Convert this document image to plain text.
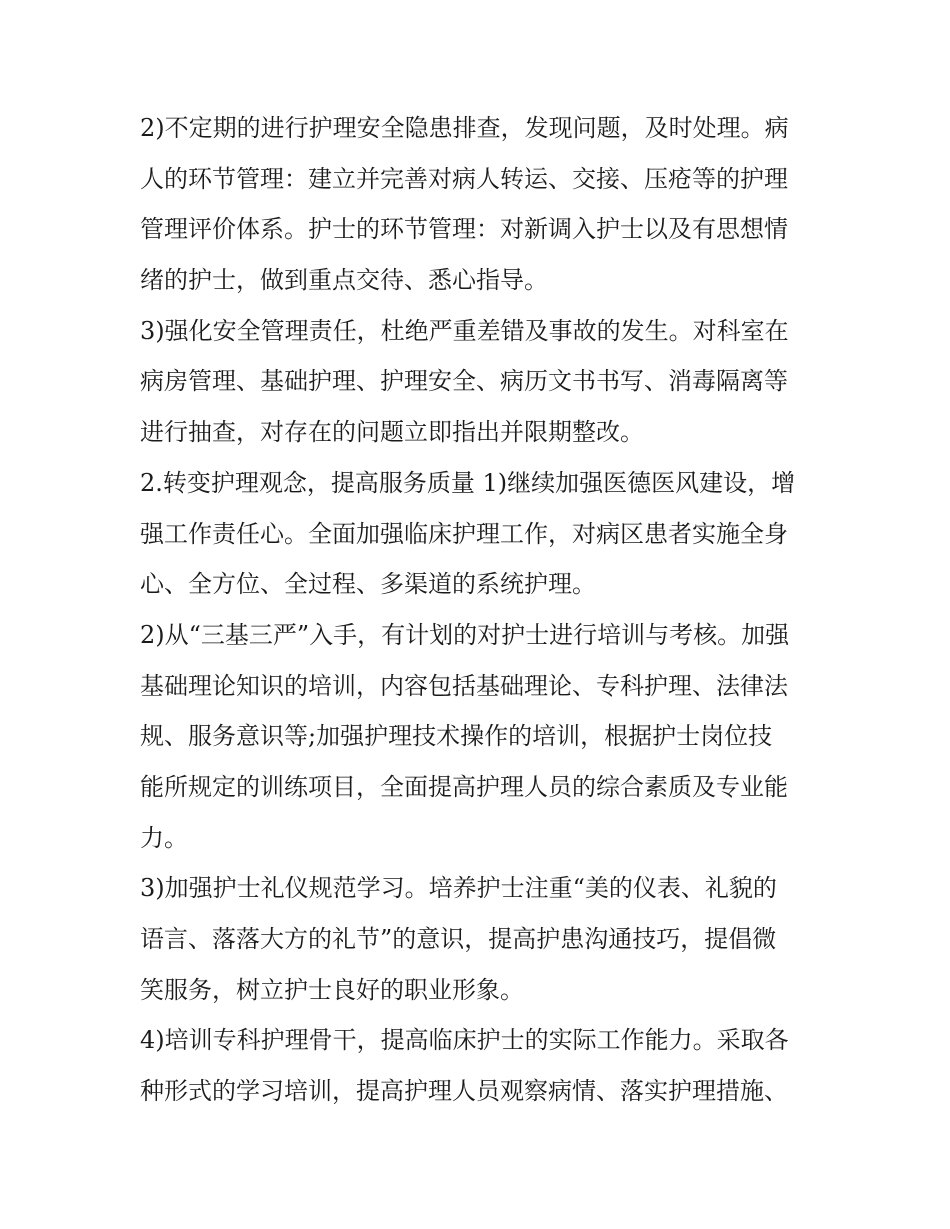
2)不定期的进行护理安全隐患排查，发现问题，及时处理。病
人的环节管理：建立并完善对病人转运、交接、压疮等的护理
管理评价体系。护士的环节管理：对新调入护士以及有思想情
绪的护士，做到重点交待、悉心指导。
3)强化安全管理责任，杜绝严重差错及事故的发生。对科室在
病房管理、基础护理、护理安全、病历文书书写、消毒隔离等
进行抽查，对存在的问题立即指出并限期整改。
2.转变护理观念，提高服务质量 1)继续加强医德医风建设，增
强工作责任心。全面加强临床护理工作，对病区患者实施全身
心、全方位、全过程、多渠道的系统护理。
2)从“三基三严”入手，有计划的对护士进行培训与考核。加强
基础理论知识的培训，内容包括基础理论、专科护理、法律法
规、服务意识等;加强护理技术操作的培训，根据护士岗位技
能所规定的训练项目，全面提高护理人员的综合素质及专业能
力。
3)加强护士礼仪规范学习。培养护士注重“美的仪表、礼貌的
语言、落落大方的礼节”的意识，提高护患沟通技巧，提倡微
笑服务，树立护士良好的职业形象。
4)培训专科护理骨干，提高临床护士的实际工作能力。采取各
种形式的学习培训，提高护理人员观察病情、落实护理措施、
